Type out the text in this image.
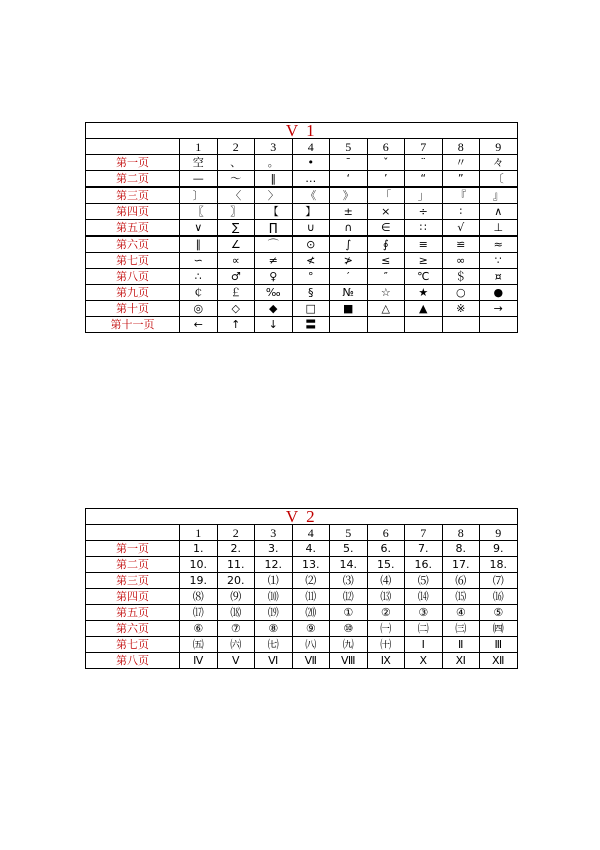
V 1									
	1	2	3	4	5	6	7	8	9
第一页	空	、	。	•	ˉ	ˇ	¨	〃	々
第二页	—	～	‖	…	‘	’	“	”	〔
第三页	〕	〈	〉	《	》	「	」	『	』
第四页	〖	〗	【	】	±	×	÷	∶	∧
第五页	∨	∑	∏	∪	∩	∈	∷	√	⊥
第六页	∥	∠	⌒	⊙	∫	∮	≡	≌	≈
第七页	∽	∝	≠	≮	≯	≤	≥	∞	∵
第八页	∴	♂	♀	°	′	″	℃	＄	¤
第九页	￠	￡	‰	§	№	☆	★	○	●
第十页	◎	◇	◆	□	■	△	▲	※	→
第十一页	←	↑	↓	〓					
V 2									
	1	2	3	4	5	6	7	8	9
第一页	1.	2.	3.	4.	5.	6.	7.	8.	9.
第二页	10.	11.	12.	13.	14.	15.	16.	17.	18.
第三页	19.	20.	⑴	⑵	⑶	⑷	⑸	⑹	⑺
第四页	⑻	⑼	⑽	⑾	⑿	⒀	⒁	⒂	⒃
第五页	⒄	⒅	⒆	⒇	①	②	③	④	⑤
第六页	⑥	⑦	⑧	⑨	⑩	㈠	㈡	㈢	㈣
第七页	㈤	㈥	㈦	㈧	㈨	㈩	Ⅰ	Ⅱ	Ⅲ
第八页	Ⅳ	Ⅴ	Ⅵ	Ⅶ	Ⅷ	Ⅸ	Ⅹ	Ⅺ	Ⅻ
